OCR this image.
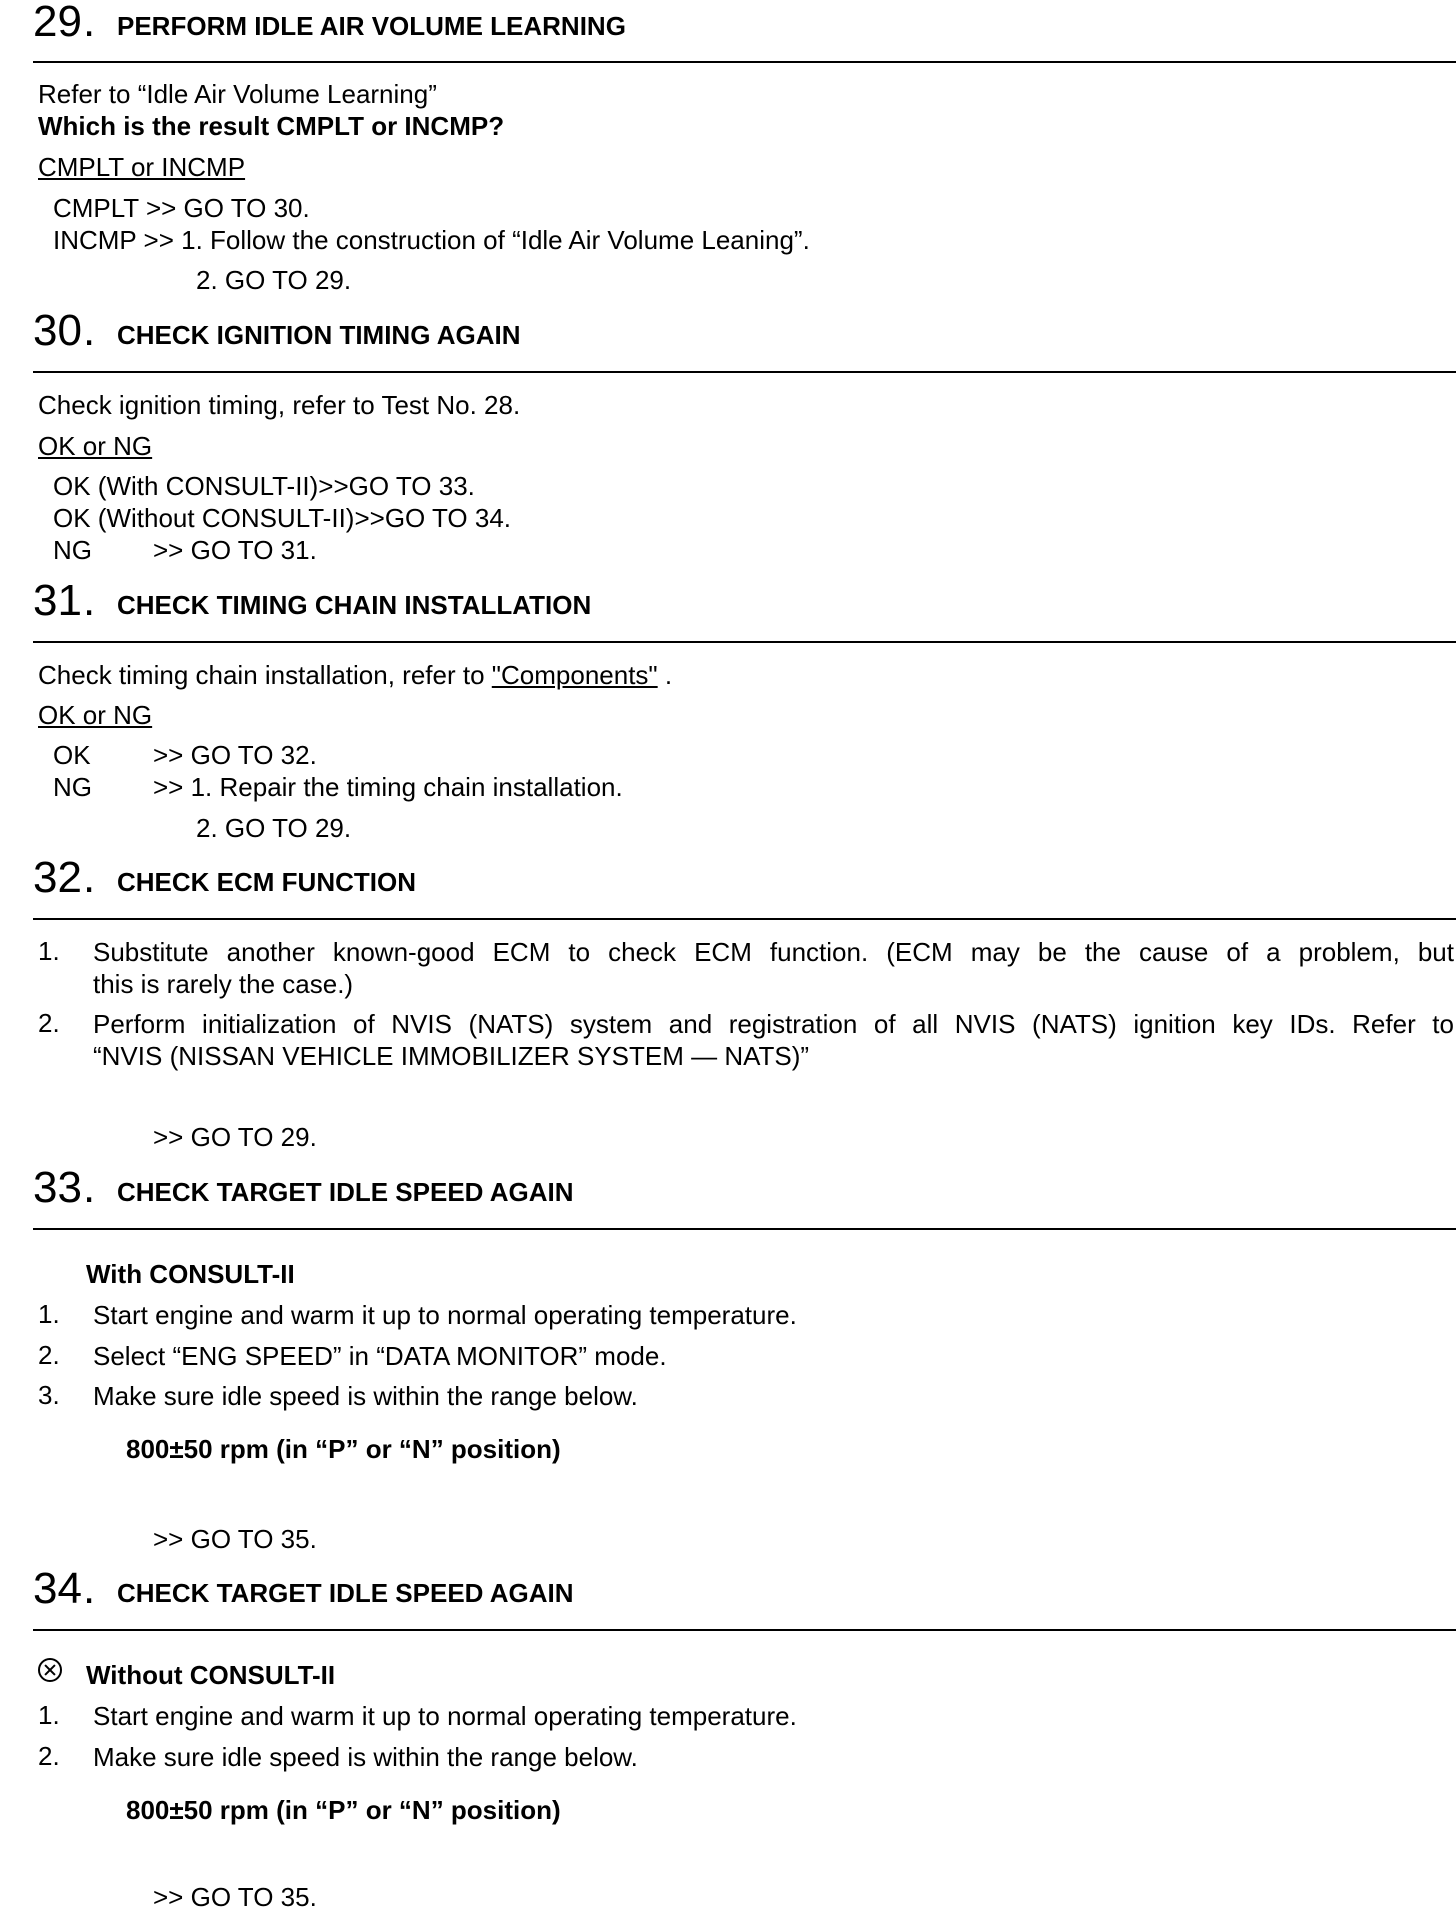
29 . PERFORM IDLE AIR VOLUME LEARNING
Refer to “Idle Air Volume Learning”
Which is the result CMPLT or INCMP?
CMPLT or INCMP
CMPLT >> GO TO 30.
INCMP >> 1. Follow the construction of “Idle Air Volume Leaning”.
2. GO TO 29.
30 . CHECK IGNITION TIMING AGAIN
Check ignition timing, refer to Test No. 28.
OK or NG
OK (With CONSULT-II)>>GO TO 33.
OK (Without CONSULT-II)>>GO TO 34.
NG >> GO TO 31.
31 . CHECK TIMING CHAIN INSTALLATION
Check timing chain installation, refer to "Components" .
OK or NG
OK >> GO TO 32.
NG >> 1. Repair the timing chain installation.
2. GO TO 29.
32 . CHECK ECM FUNCTION
1. Substitute another known-good ECM to check ECM function. (ECM may be the cause of a problem, but
this is rarely the case.)
2. Perform initialization of NVIS (NATS) system and registration of all NVIS (NATS) ignition key IDs. Refer to
“NVIS (NISSAN VEHICLE IMMOBILIZER SYSTEM — NATS)”
>> GO TO 29.
33 . CHECK TARGET IDLE SPEED AGAIN
With CONSULT-II
1. Start engine and warm it up to normal operating temperature.
2. Select “ENG SPEED” in “DATA MONITOR” mode.
3. Make sure idle speed is within the range below.
800±50 rpm (in “P” or “N” position)
>> GO TO 35.
34 . CHECK TARGET IDLE SPEED AGAIN
Without CONSULT-II
1. Start engine and warm it up to normal operating temperature.
2. Make sure idle speed is within the range below.
800±50 rpm (in “P” or “N” position)
>> GO TO 35.
